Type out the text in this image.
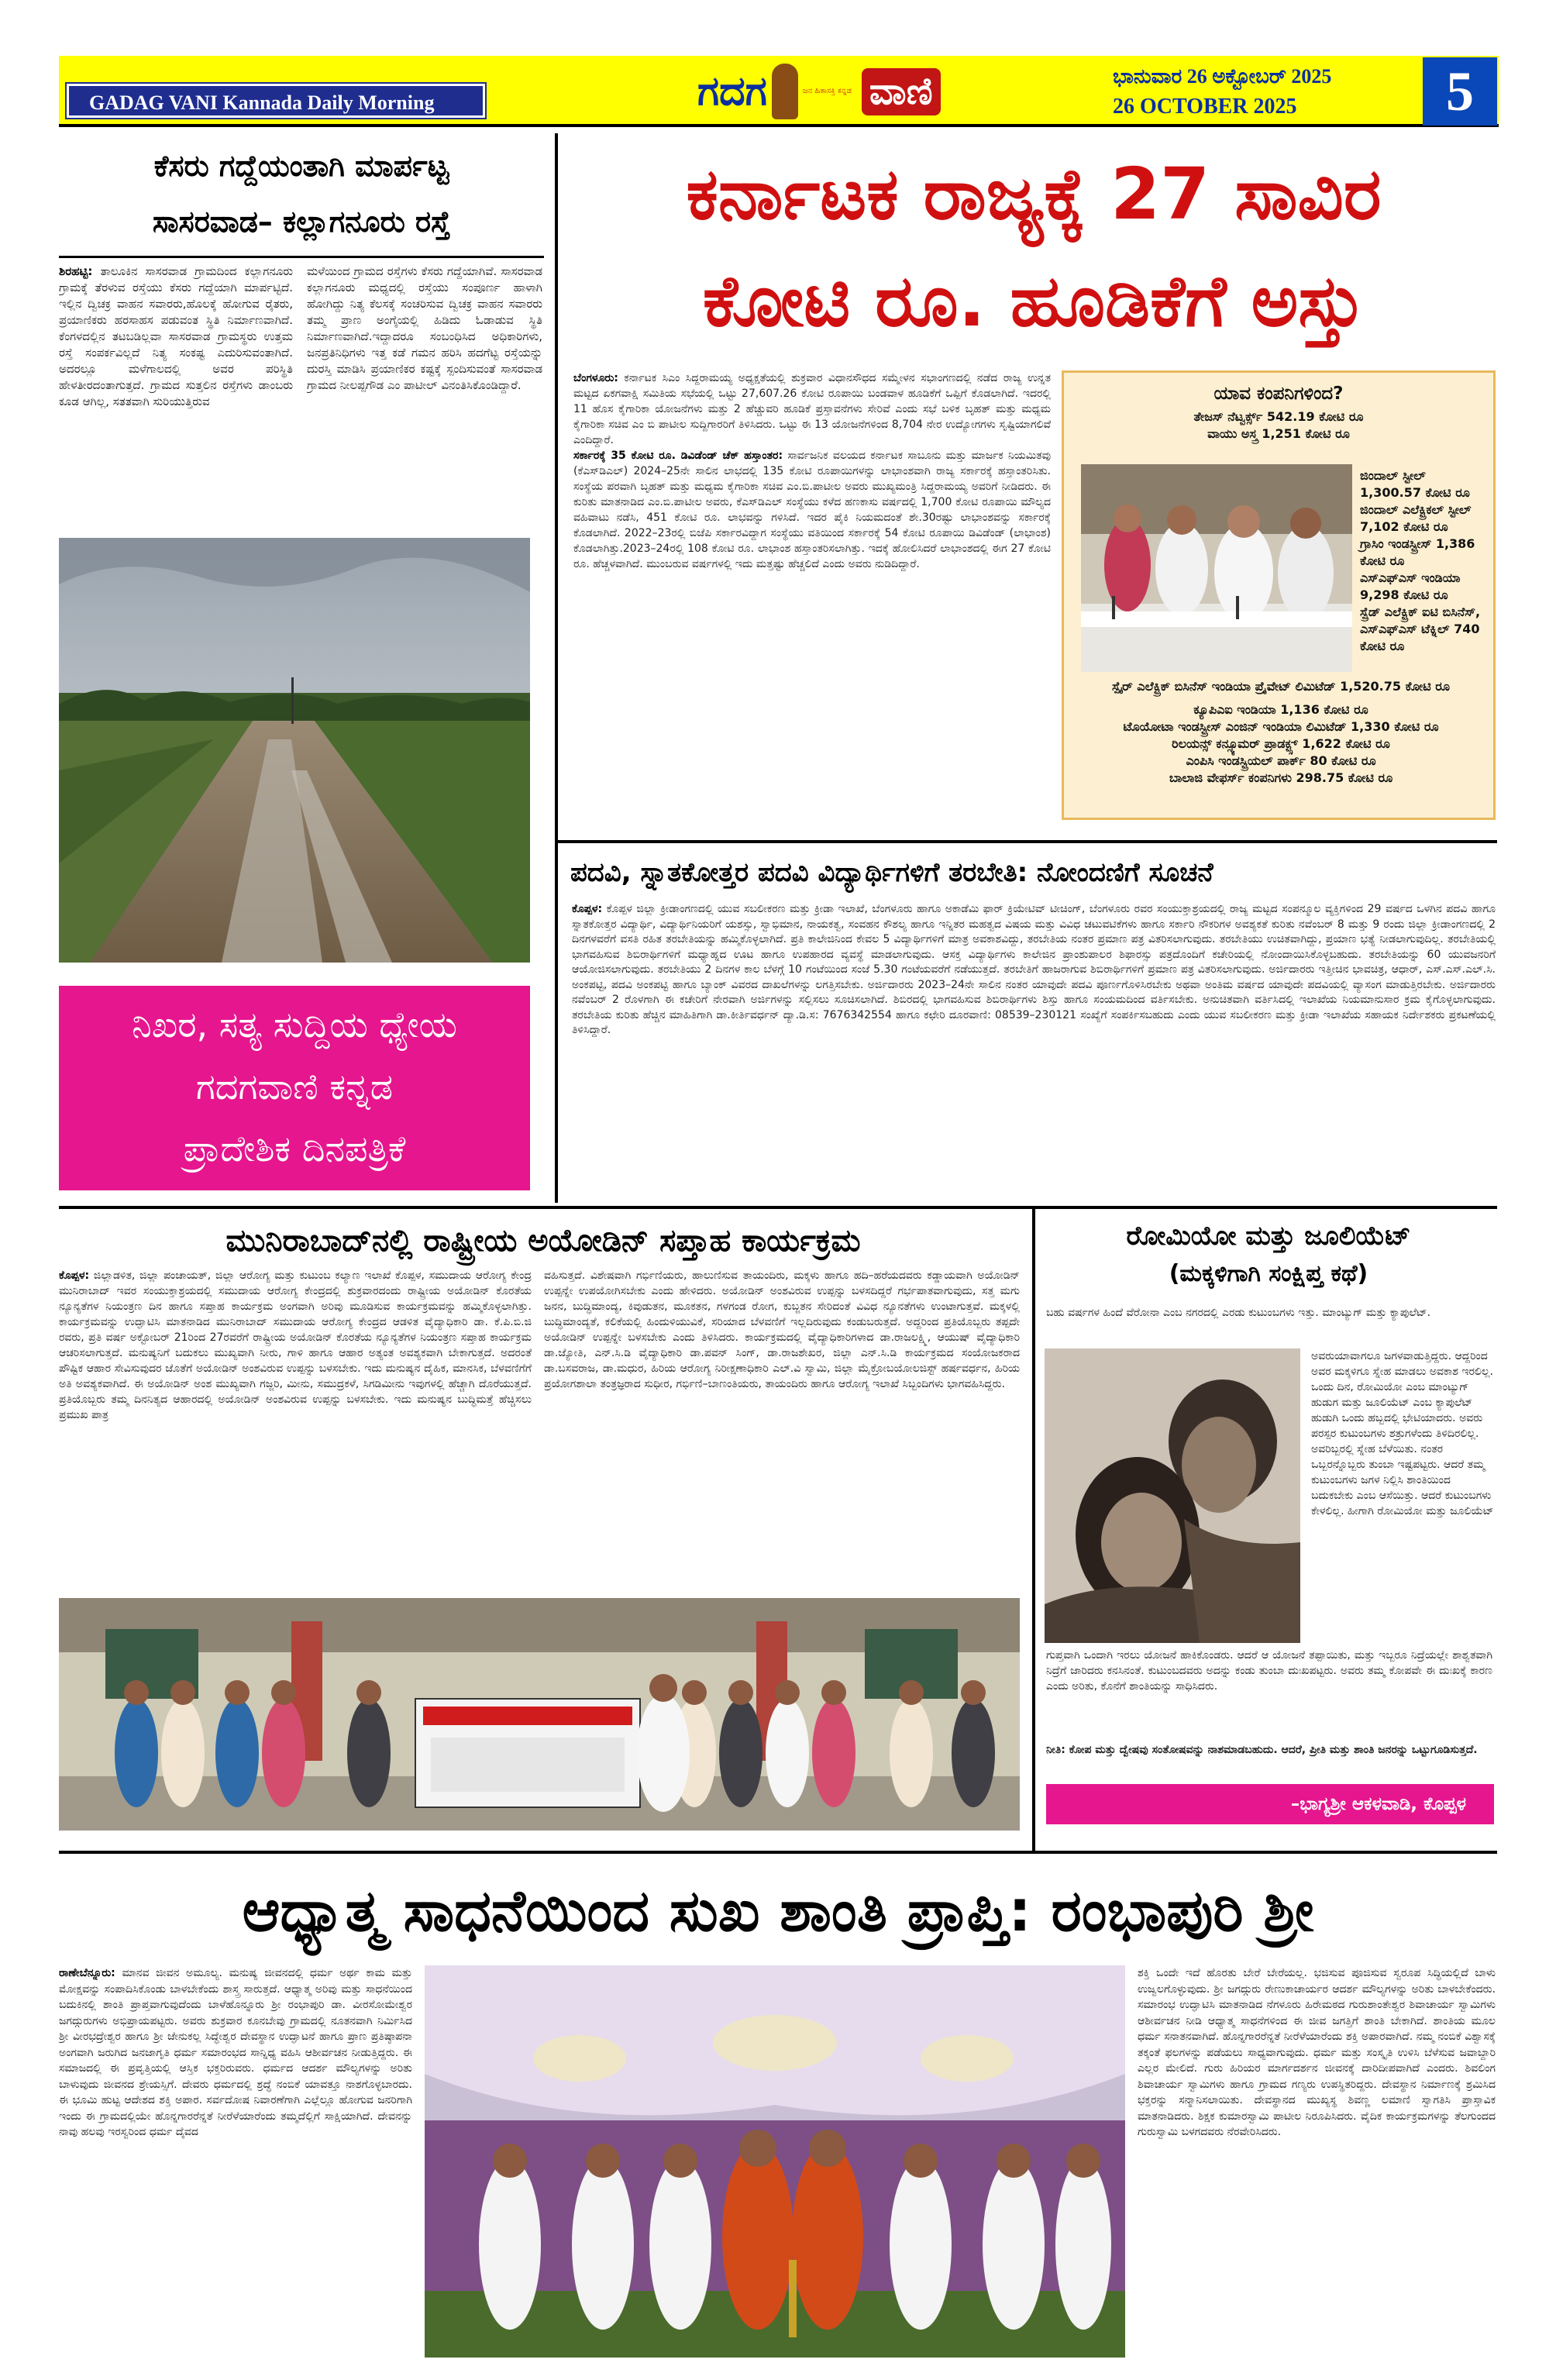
GADAG VANI Kannada Daily Morning	ಗದಗ	ಜನ ಹಿತಾಸಕ್ತಿ ಕನ್ನಡ ವಾಣಿ	ಭಾನುವಾರ 26 ಅಕ್ಟೋಬರ್ 2025
26 OCTOBER 2025	5
ಕೆಸರು ಗದ್ದೆಯಂತಾಗಿ ಮಾರ್ಪಟ್ಟ
ಸಾಸರವಾಡ– ಕಲ್ಲಾಗನೂರು ರಸ್ತೆ
ಶಿರಹಟ್ಟಿ: ತಾಲೂಕಿನ ಸಾಸರವಾಡ ಗ್ರಾಮದಿಂದ ಕಲ್ಲಾಗನೂರು ಗ್ರಾಮಕ್ಕೆ ತೆರಳುವ ರಸ್ತೆಯು ಕೆಸರು ಗದ್ದೆಯಾಗಿ ಮಾರ್ಪಟ್ಟಿದೆ. ಇಲ್ಲಿನ ದ್ವಿಚಕ್ರ ವಾಹನ ಸವಾರರು,ಹೊಲಕ್ಕೆ ಹೋಗುವ ರೈತರು, ಪ್ರಯಾಣಿಕರು ಹರಸಾಹಸ ಪಡುವಂತ ಸ್ಥಿತಿ ನಿರ್ಮಾಣವಾಗಿದೆ. ಕೆಂಗಳದಲ್ಲಿನ ತಟಬಡಿಲ್ಲವಾ ಸಾಸರವಾಡ ಗ್ರಾಮಸ್ಥರು ಉತ್ತಮ ರಸ್ತೆ ಸಂಪರ್ಕವಿಲ್ಲದೆ ನಿತ್ಯ ಸಂಕಷ್ಟ ಎದುರಿಸುವಂತಾಗಿದೆ. ಅದರಲ್ಲೂ ಮಳೆಗಾಲದಲ್ಲಿ ಅವರ ಪರಿಸ್ಥಿತಿ ಹೇಳತೀರದಂತಾಗುತ್ತದೆ. ಗ್ರಾಮದ ಸುತ್ತಲಿನ ರಸ್ತೆಗಳು ಡಾಂಬರು ಕೂಡ ಆಗಿಲ್ಲ, ಸತತವಾಗಿ ಸುರಿಯುತ್ತಿರುವ
ಮಳೆಯಿಂದ ಗ್ರಾಮದ ರಸ್ತೆಗಳು ಕೆಸರು ಗದ್ದೆಯಾಗಿವೆ. ಸಾಸರವಾಡ ಕಲ್ಲಾಗನೂರು ಮಧ್ಯದಲ್ಲಿ ರಸ್ತೆಯು ಸಂಪೂರ್ಣ ಹಾಳಾಗಿ ಹೋಗಿದ್ದು ನಿತ್ಯ ಕೆಲಸಕ್ಕೆ ಸಂಚರಿಸುವ ದ್ವಿಚಕ್ರ ವಾಹನ ಸವಾರರು ತಮ್ಮ ಪ್ರಾಣ ಅಂಗೈಯಲ್ಲಿ ಹಿಡಿದು ಓಡಾಡುವ ಸ್ಥಿತಿ ನಿರ್ಮಾಣವಾಗಿದೆ.ಇದ್ದಾದರೂ ಸಂಬಂಧಿಸಿದ ಅಧಿಕಾರಿಗಳು, ಜನಪ್ರತಿನಿಧಿಗಳು ಇತ್ತ ಕಡೆ ಗಮನ ಹರಿಸಿ ಹದಗೆಟ್ಟ ರಸ್ತೆಯನ್ನು ದುರಸ್ತಿ ಮಾಡಿಸಿ ಪ್ರಯಾಣಿಕರ ಕಷ್ಟಕ್ಕೆ ಸ್ಪಂದಿಸುವಂತೆ ಸಾಸರವಾಡ ಗ್ರಾಮದ ನೀಲಪ್ಪಗೌಡ ಎಂ ಪಾಟೀಲ್ ವಿನಂತಿಸಿಕೊಂಡಿದ್ದಾರೆ.
ನಿಖರ, ಸತ್ಯ ಸುದ್ದಿಯ ಧ್ಯೇಯ
ಗದಗವಾಣಿ ಕನ್ನಡ
ಪ್ರಾದೇಶಿಕ ದಿನಪತ್ರಿಕೆ
ಕರ್ನಾಟಕ ರಾಜ್ಯಕ್ಕೆ 27 ಸಾವಿರ
ಕೋಟಿ ರೂ. ಹೂಡಿಕೆಗೆ ಅಸ್ತು
ಬೆಂಗಳೂರು: ಕರ್ನಾಟಕ ಸಿಎಂ ಸಿದ್ದರಾಮಯ್ಯ ಅಧ್ಯಕ್ಷತೆಯಲ್ಲಿ ಶುಕ್ರವಾರ ವಿಧಾನಸೌಧದ ಸಮ್ಮೇಳನ ಸಭಾಂಗಣದಲ್ಲಿ ನಡೆದ ರಾಜ್ಯ ಉನ್ನತ ಮಟ್ಟದ ಏಕಗವಾಕ್ಷಿ ಸಮಿತಿಯ ಸಭೆಯಲ್ಲಿ ಒಟ್ಟು 27,607.26 ಕೋಟಿ ರೂಪಾಯಿ ಬಂಡವಾಳ ಹೂಡಿಕೆಗೆ ಒಪ್ಪಿಗೆ ಕೊಡಲಾಗಿದೆ. ಇದರಲ್ಲಿ 11 ಹೊಸ ಕೈಗಾರಿಕಾ ಯೋಜನೆಗಳು ಮತ್ತು 2 ಹೆಚ್ಚುವರಿ ಹೂಡಿಕೆ ಪ್ರಸ್ತಾವನೆಗಳು ಸೇರಿವೆ ಎಂದು ಸಭೆ ಬಳಿಕ ಬೃಹತ್ ಮತ್ತು ಮಧ್ಯಮ ಕೈಗಾರಿಕಾ ಸಚಿವ ಎಂ ಬಿ ಪಾಟೀಲ ಸುದ್ದಿಗಾರರಿಗೆ ತಿಳಿಸಿದರು. ಒಟ್ಟು ಈ 13 ಯೋಜನೆಗಳಿಂದ 8,704 ನೇರ ಉದ್ಯೋಗಗಳು ಸೃಷ್ಟಿಯಾಗಲಿವೆ ಎಂದಿದ್ದಾರೆ.
ಸರ್ಕಾರಕ್ಕೆ 35 ಕೋಟಿ ರೂ. ಡಿವಿಡೆಂಡ್ ಚೆಕ್ ಹಸ್ತಾಂತರ: ಸಾರ್ವಜನಿಕ ವಲಯದ ಕರ್ನಾಟಕ ಸಾಬೂನು ಮತ್ತು ಮಾರ್ಜಕ ನಿಯಮಿತವು (ಕೆಎಸ್‌ಡಿಎಲ್) 2024–25ನೇ ಸಾಲಿನ ಲಾಭದಲ್ಲಿ 135 ಕೋಟಿ ರೂಪಾಯಿಗಳನ್ನು ಲಾಭಾಂಶವಾಗಿ ರಾಜ್ಯ ಸರ್ಕಾರಕ್ಕೆ ಹಸ್ತಾಂತರಿಸಿತು. ಸಂಸ್ಥೆಯ ಪರವಾಗಿ ಬೃಹತ್ ಮತ್ತು ಮಧ್ಯಮ ಕೈಗಾರಿಕಾ ಸಚಿವ ಎಂ.ಬಿ.ಪಾಟೀಲ ಅವರು ಮುಖ್ಯಮಂತ್ರಿ ಸಿದ್ದರಾಮಯ್ಯ ಅವರಿಗೆ ನೀಡಿದರು. ಈ ಕುರಿತು ಮಾತನಾಡಿದ ಎಂ.ಬಿ.ಪಾಟೀಲ ಅವರು, ಕೆಎಸ್‌ಡಿಎಲ್ ಸಂಸ್ಥೆಯು ಕಳೆದ ಹಣಕಾಸು ವರ್ಷದಲ್ಲಿ 1,700 ಕೋಟಿ ರೂಪಾಯಿ ಮೌಲ್ಯದ ವಹಿವಾಟು ನಡೆಸಿ, 451 ಕೋಟಿ ರೂ. ಲಾಭವನ್ನು ಗಳಿಸಿದೆ. ಇದರ ಪೈಕಿ ನಿಯಮದಂತೆ ಶೇ.30ರಷ್ಟು ಲಾಭಾಂಶವನ್ನು ಸರ್ಕಾರಕ್ಕೆ ಕೊಡಲಾಗಿದೆ. 2022–23ರಲ್ಲಿ ಬಿಜೆಪಿ ಸರ್ಕಾರವಿದ್ದಾಗ ಸಂಸ್ಥೆಯು ವತಿಯಿಂದ ಸರ್ಕಾರಕ್ಕೆ 54 ಕೋಟಿ ರೂಪಾಯಿ ಡಿವಿಡೆಂಡ್ (ಲಾಭಾಂಶ) ಕೊಡಲಾಗಿತ್ತು.2023–24ರಲ್ಲಿ 108 ಕೋಟಿ ರೂ. ಲಾಭಾಂಶ ಹಸ್ತಾಂತರಿಸಲಾಗಿತ್ತು. ಇದಕ್ಕೆ ಹೋಲಿಸಿದರೆ ಲಾಭಾಂಶದಲ್ಲಿ ಈಗ 27 ಕೋಟಿ ರೂ. ಹೆಚ್ಚಳವಾಗಿದೆ. ಮುಂಬರುವ ವರ್ಷಗಳಲ್ಲಿ ಇದು ಮತ್ತಷ್ಟು ಹೆಚ್ಚಲಿದೆ ಎಂದು ಅವರು ನುಡಿದಿದ್ದಾರೆ.
ಯಾವ ಕಂಪನಿಗಳಿಂದ?
ತೇಜಸ್ ನೆಟ್ವರ್ಕ್ಸ್ 542.19 ಕೋಟಿ ರೂ
ವಾಯು ಅಸ್ತ್ರ 1,251 ಕೋಟಿ ರೂ
ಜಿಂದಾಲ್ ಸ್ಟೀಲ್ 1,300.57 ಕೋಟಿ ರೂ
ಜಿಂದಾಲ್ ಎಲೆಕ್ಟ್ರಿಕಲ್ ಸ್ಟೀಲ್ 7,102 ಕೋಟಿ ರೂ
ಗ್ರಾಸಿಂ ಇಂಡಸ್ಟ್ರೀಸ್ 1,386 ಕೋಟಿ ರೂ
ಎಸ್‌ಎಫ್‌ಎಸ್ ಇಂಡಿಯಾ 9,298 ಕೋಟಿ ರೂ
ಸ್ಪ್ರೆಡ್ ಎಲೆಕ್ಟ್ರಿಕ್ ಐಟಿ ಬಿಸಿನೆಸ್, ಎಸ್‌ಎಫ್‌ಎಸ್ ಟೆಕ್ನಿಲ್ 740 ಕೋಟಿ ರೂ
ಸ್ಪೈರ್ ಎಲೆಕ್ಟ್ರಿಕ್ ಬಿಸಿನೆಸ್ ಇಂಡಿಯಾ ಪ್ರೈವೇಟ್ ಲಿಮಿಟೆಡ್ 1,520.75 ಕೋಟಿ ರೂ
ಕ್ಯೂಪಿಎಐ ಇಂಡಿಯಾ 1,136 ಕೋಟಿ ರೂ
ಟೊಯೋಟಾ ಇಂಡಸ್ಟ್ರೀಸ್ ಎಂಜಿನ್ ಇಂಡಿಯಾ ಲಿಮಿಟೆಡ್ 1,330 ಕೋಟಿ ರೂ
ರಿಲಯನ್ಸ್ ಕನ್ಸ್ಯೂಮರ್ ಪ್ರಾಡಕ್ಟ್ಸ್ 1,622 ಕೋಟಿ ರೂ
ಎಂಪಿಸಿ ಇಂಡಸ್ಟ್ರಿಯಲ್ ಪಾರ್ಕ್ 80 ಕೋಟಿ ರೂ
ಬಾಲಾಜಿ ವೇಫರ್ಸ್ ಕಂಪನಿಗಳು 298.75 ಕೋಟಿ ರೂ
ಪದವಿ, ಸ್ನಾತಕೋತ್ತರ ಪದವಿ ವಿದ್ಯಾರ್ಥಿಗಳಿಗೆ ತರಬೇತಿ: ನೋಂದಣಿಗೆ ಸೂಚನೆ
ಕೊಪ್ಪಳ: ಕೊಪ್ಪಳ ಜಿಲ್ಲಾ ಕ್ರೀಡಾಂಗಣದಲ್ಲಿ ಯುವ ಸಬಲೀಕರಣ ಮತ್ತು ಕ್ರೀಡಾ ಇಲಾಖೆ, ಬೆಂಗಳೂರು ಹಾಗೂ ಅಕಾಡೆಮಿ ಫಾರ್ ಕ್ರಿಯೇಟಿವ್ ಟೀಚಿಂಗ್, ಬೆಂಗಳೂರು ರವರ ಸಂಯುಕ್ತಾಶ್ರಯದಲ್ಲಿ ರಾಜ್ಯ ಮಟ್ಟದ ಸಂಪನ್ಮೂಲ ವ್ಯಕ್ತಿಗಳಿಂದ 29 ವರ್ಷದ ಒಳಗಿನ ಪದವಿ ಹಾಗೂ ಸ್ನಾತಕೋತ್ತರ ವಿದ್ಯಾರ್ಥಿ, ವಿದ್ಯಾರ್ಥಿನಿಯರಿಗೆ ಯಶಸ್ಸು, ಸ್ವಾಭಿಮಾನ, ನಾಯಕತ್ವ, ಸಂವಹನ ಕೌಶಲ್ಯ ಹಾಗೂ ಇನ್ನಿತರ ಮಹತ್ವದ ವಿಷಯ ಮತ್ತು ವಿವಿಧ ಚಟುವಟಿಕೆಗಳು ಹಾಗೂ ಸರ್ಕಾರಿ ನೌಕರಿಗಳ ಅವಶ್ಯಕತೆ ಕುರಿತು ನವೆಂಬರ್ 8 ಮತ್ತು 9 ರಂದು ಜಿಲ್ಲಾ ಕ್ರೀಡಾಂಗಣದಲ್ಲಿ 2 ದಿನಗಳವರೆಗೆ ವಸತಿ ರಹಿತ ತರಬೇತಿಯನ್ನು ಹಮ್ಮಿಕೊಳ್ಳಲಾಗಿದೆ. ಪ್ರತಿ ಕಾಲೇಜಿನಿಂದ ಕೇವಲ 5 ವಿದ್ಯಾರ್ಥಿಗಳಿಗೆ ಮಾತ್ರ ಅವಕಾಶವಿದ್ದು, ತರಬೇತಿಯ ನಂತರ ಪ್ರಮಾಣ ಪತ್ರ ವಿತರಿಸಲಾಗುವುದು. ತರಬೇತಿಯು ಉಚಿತವಾಗಿದ್ದು, ಪ್ರಯಾಣ ಭತ್ಯೆ ನೀಡಲಾಗುವುದಿಲ್ಲ. ತರಬೇತಿಯಲ್ಲಿ ಭಾಗವಹಿಸುವ ಶಿಬಿರಾರ್ಥಿಗಳಿಗೆ ಮಧ್ಯಾಹ್ನದ ಊಟ ಹಾಗೂ ಉಪಹಾರದ ವ್ಯವಸ್ಥೆ ಮಾಡಲಾಗುವುದು. ಆಸಕ್ತ ವಿದ್ಯಾರ್ಥಿಗಳು ಕಾಲೇಜಿನ ಪ್ರಾಂಶುಪಾಲರ ಶಿಫಾರಸ್ಸು ಪತ್ರದೊಂದಿಗೆ ಕಚೇರಿಯಲ್ಲಿ ನೋಂದಾಯಿಸಿಕೊಳ್ಳಬಹುದು. ತರಬೇತಿಯನ್ನು 60 ಯುವಜನರಿಗೆ ಆಯೋಜಿಸಲಾಗುವುದು. ತರಬೇತಿಯು 2 ದಿನಗಳ ಕಾಲ ಬೆಳಗ್ಗೆ 10 ಗಂಟೆಯಿಂದ ಸಂಜೆ 5.30 ಗಂಟೆಯವರೆಗೆ ನಡೆಯುತ್ತದೆ. ತರಬೇತಿಗೆ ಹಾಜರಾಗುವ ಶಿಬಿರಾರ್ಥಿಗಳಿಗೆ ಪ್ರಮಾಣ ಪತ್ರ ವಿತರಿಸಲಾಗುವುದು. ಅರ್ಜಿದಾರರು ಇತ್ತೀಚಿನ ಭಾವಚಿತ್ರ, ಆಧಾರ್, ಎಸ್.ಎಸ್.ಎಲ್.ಸಿ. ಅಂಕಪಟ್ಟಿ, ಪದವಿ ಅಂಕಪಟ್ಟಿ ಹಾಗೂ ಬ್ಯಾಂಕ್ ವಿವರದ ದಾಖಲೆಗಳನ್ನು ಲಗತ್ತಿಸಬೇಕು. ಅರ್ಜಿದಾರರು 2023–24ನೇ ಸಾಲಿನ ನಂತರ ಯಾವುದೇ ಪದವಿ ಪೂರ್ಣಗೊಳಿಸಿರಬೇಕು ಅಥವಾ ಅಂತಿಮ ವರ್ಷದ ಯಾವುದೇ ಪದವಿಯಲ್ಲಿ ವ್ಯಾಸಂಗ ಮಾಡುತ್ತಿರಬೇಕು. ಅರ್ಜಿದಾರರು ನವೆಂಬರ್ 2 ರೊಳಗಾಗಿ ಈ ಕಚೇರಿಗೆ ನೇರವಾಗಿ ಅರ್ಜಿಗಳನ್ನು ಸಲ್ಲಿಸಲು ಸೂಚಿಸಲಾಗಿದೆ. ಶಿಬಿರದಲ್ಲಿ ಭಾಗವಹಿಸುವ ಶಿಬಿರಾರ್ಥಿಗಳು ಶಿಸ್ತು ಹಾಗೂ ಸಂಯಮದಿಂದ ವರ್ತಿಸಬೇಕು. ಅನುಚಿತವಾಗಿ ವರ್ತಿಸಿದಲ್ಲಿ ಇಲಾಖೆಯ ನಿಯಮಾನುಸಾರ ಕ್ರಮ ಕೈಗೊಳ್ಳಲಾಗುವುದು. ತರಬೇತಿಯ ಕುರಿತು ಹೆಚ್ಚಿನ ಮಾಹಿತಿಗಾಗಿ ಡಾ.ಕೀರ್ತಿವರ್ಧನ್ ದ್ಯಾ.ಡಿ.ಸ: 7676342554 ಹಾಗೂ ಕಛೇರಿ ದೂರವಾಣಿ: 08539–230121 ಸಂಖ್ಯೆಗೆ ಸಂಪರ್ಕಿಸಬಹುದು ಎಂದು ಯುವ ಸಬಲೀಕರಣ ಮತ್ತು ಕ್ರೀಡಾ ಇಲಾಖೆಯ ಸಹಾಯಕ ನಿರ್ದೇಶಕರು ಪ್ರಕಟಣೆಯಲ್ಲಿ ತಿಳಿಸಿದ್ದಾರೆ.
ಮುನಿರಾಬಾದ್‌ನಲ್ಲಿ ರಾಷ್ಟ್ರೀಯ ಅಯೋಡಿನ್ ಸಪ್ತಾಹ ಕಾರ್ಯಕ್ರಮ
ಕೊಪ್ಪಳ: ಜಿಲ್ಲಾಡಳಿತ, ಜಿಲ್ಲಾ ಪಂಚಾಯತ್, ಜಿಲ್ಲಾ ಆರೋಗ್ಯ ಮತ್ತು ಕುಟುಂಬ ಕಲ್ಯಾಣ ಇಲಾಖೆ ಕೊಪ್ಪಳ, ಸಮುದಾಯ ಆರೋಗ್ಯ ಕೇಂದ್ರ ಮುನಿರಾಬಾದ್ ಇವರ ಸಂಯುಕ್ತಾಶ್ರಯದಲ್ಲಿ ಸಮುದಾಯ ಆರೋಗ್ಯ ಕೇಂದ್ರದಲ್ಲಿ ಶುಕ್ರವಾರದಂದು ರಾಷ್ಟ್ರೀಯ ಅಯೋಡಿನ್ ಕೊರತೆಯ ನ್ಯೂನ್ಯತೆಗಳ ನಿಯಂತ್ರಣ ದಿನ ಹಾಗೂ ಸಪ್ತಾಹ ಕಾರ್ಯಕ್ರಮ ಅಂಗವಾಗಿ ಅರಿವು ಮೂಡಿಸುವ ಕಾರ್ಯಕ್ರಮವನ್ನು ಹಮ್ಮಿಕೊಳ್ಳಲಾಗಿತ್ತು. ಕಾರ್ಯಕ್ರಮವನ್ನು ಉದ್ಘಾಟಿಸಿ ಮಾತನಾಡಿದ ಮುನಿರಾಬಾದ್ ಸಮುದಾಯ ಆರೋಗ್ಯ ಕೇಂದ್ರದ ಆಡಳಿತ ವೈದ್ಯಾಧಿಕಾರಿ ಡಾ. ಕೆ.ಪಿ.ಬಿ.ಜಿ ರವರು, ಪ್ರತಿ ವರ್ಷ ಅಕ್ಟೋಬರ್ 21ರಿಂದ 27ರವರೆಗೆ ರಾಷ್ಟ್ರೀಯ ಅಯೋಡಿನ್ ಕೊರತೆಯ ನ್ಯೂನ್ಯತೆಗಳ ನಿಯಂತ್ರಣ ಸಪ್ತಾಹ ಕಾರ್ಯಕ್ರಮ ಆಚರಿಸಲಾಗುತ್ತದೆ. ಮನುಷ್ಯನಿಗೆ ಬದುಕಲು ಮುಖ್ಯವಾಗಿ ನೀರು, ಗಾಳಿ ಹಾಗೂ ಆಹಾರ ಅತ್ಯಂತ ಅವಶ್ಯಕವಾಗಿ ಬೇಕಾಗುತ್ತದೆ. ಅದರಂತೆ ಪೌಷ್ಟಿಕ ಆಹಾರ ಸೇವಿಸುವುದರ ಜೊತೆಗೆ ಅಯೋಡಿನ್ ಅಂಶವಿರುವ ಉಪ್ಪನ್ನು ಬಳಸಬೇಕು. ಇದು ಮನುಷ್ಯನ ದೈಹಿಕ, ಮಾನಸಿಕ, ಬೆಳವಣಿಗೆಗೆ ಅತಿ ಅವಶ್ಯಕವಾಗಿದೆ. ಈ ಅಯೋಡಿನ್ ಅಂಶ ಮುಖ್ಯವಾಗಿ ಗಜ್ಜರಿ, ಮೀನು, ಸಮುದ್ರಕಳೆ, ಸಿಗಡಿಮೀನು ಇವುಗಳಲ್ಲಿ ಹೆಚ್ಚಾಗಿ ದೊರೆಯುತ್ತದೆ. ಪ್ರತಿಯೊಬ್ಬರು ತಮ್ಮ ದಿನನಿತ್ಯದ ಆಹಾರದಲ್ಲಿ ಅಯೋಡಿನ್ ಅಂಶವಿರುವ ಉಪ್ಪನ್ನು ಬಳಸಬೇಕು. ಇದು ಮನುಷ್ಯನ ಬುದ್ಧಿಮತ್ತೆ ಹೆಚ್ಚಿಸಲು ಪ್ರಮುಖ ಪಾತ್ರ
ವಹಿಸುತ್ತದೆ. ವಿಶೇಷವಾಗಿ ಗರ್ಭಿಣಿಯರು, ಹಾಲುಣಿಸುವ ತಾಯಂದಿರು, ಮಕ್ಕಳು ಹಾಗೂ ಹದಿ–ಹರೆಯದವರು ಕಡ್ಡಾಯವಾಗಿ ಅಯೋಡಿನ್ ಉಪ್ಪನ್ನೇ ಉಪಯೋಗಿಸಬೇಕು ಎಂದು ಹೇಳಿದರು. ಅಯೋಡಿನ್ ಅಂಶವಿರುವ ಉಪ್ಪನ್ನು ಬಳಸದಿದ್ದರೆ ಗರ್ಭಪಾತವಾಗುವುದು, ಸತ್ತ ಮಗು ಜನನ, ಬುದ್ಧಿಮಾಂದ್ಯ, ಕಿವುಡುತನ, ಮೂಕತನ, ಗಳಗಂಡ ರೋಗ, ಕುಬ್ಜತನ ಸೇರಿದಂತೆ ವಿವಿಧ ನ್ಯೂನತೆಗಳು ಉಂಟಾಗುತ್ತವೆ. ಮಕ್ಕಳಲ್ಲಿ ಬುದ್ಧಿಮಾಂದ್ಯತೆ, ಕಲಿಕೆಯಲ್ಲಿ ಹಿಂದುಳಿಯುವಿಕೆ, ಸರಿಯಾದ ಬೆಳವಣಿಗೆ ಇಲ್ಲದಿರುವುದು ಕಂಡುಬರುತ್ತದೆ. ಅದ್ದರಿಂದ ಪ್ರತಿಯೊಬ್ಬರು ತಪ್ಪದೇ ಅಯೋಡಿನ್ ಉಪ್ಪನ್ನೇ ಬಳಸಬೇಕು ಎಂದು ತಿಳಿಸಿದರು. ಕಾರ್ಯಕ್ರಮದಲ್ಲಿ ವೈದ್ಯಾಧಿಕಾರಿಗಳಾದ ಡಾ.ರಾಜಲಕ್ಷ್ಮಿ, ಆಯುಷ್ ವೈದ್ಯಾಧಿಕಾರಿ ಡಾ.ಜ್ಯೋತಿ, ಎನ್.ಸಿ.ಡಿ ವೈದ್ಯಾಧಿಕಾರಿ ಡಾ.ಪವನ್ ಸಿಂಗ್, ಡಾ.ರಾಜಶೇಖರ, ಜಿಲ್ಲಾ ಎನ್.ಸಿ.ಡಿ ಕಾರ್ಯಕ್ರಮದ ಸಂಯೋಜಕರಾದ ಡಾ.ಬಸವರಾಜ, ಡಾ.ಮಧುರ, ಹಿರಿಯ ಆರೋಗ್ಯ ನಿರೀಕ್ಷಣಾಧಿಕಾರಿ ಎಲ್.ವಿ ಸ್ವಾಮಿ, ಜಿಲ್ಲಾ ಮೈಕ್ರೋಬಯೋಲಜಿಸ್ಟ್ ಹರ್ಷವರ್ಧನ, ಹಿರಿಯ ಪ್ರಯೋಗಶಾಲಾ ತಂತ್ರಜ್ಞರಾದ ಸುಧೀರ, ಗರ್ಭಿಣಿ–ಬಾಣಂತಿಯರು, ತಾಯಂದಿರು ಹಾಗೂ ಆರೋಗ್ಯ ಇಲಾಖೆ ಸಿಬ್ಬಂದಿಗಳು ಭಾಗವಹಿಸಿದ್ದರು.
ರೋಮಿಯೋ ಮತ್ತು ಜೂಲಿಯೆಟ್
(ಮಕ್ಕಳಿಗಾಗಿ ಸಂಕ್ಷಿಪ್ತ ಕಥೆ)
ಬಹು ವರ್ಷಗಳ ಹಿಂದೆ ವೆರೋನಾ ಎಂಬ ನಗರದಲ್ಲಿ ಎರಡು ಕುಟುಂಬಗಳು ಇತ್ತು. ಮಾಂಟ್ಯುಗ್ ಮತ್ತು ಕ್ಯಾಪುಲೆಟ್.
ಅವರುಯಾವಾಗಲೂ ಜಗಳವಾಡುತ್ತಿದ್ದರು. ಆದ್ದರಿಂದ ಅವರ ಮಕ್ಕಳಿಗೂ ಸ್ನೇಹ ಮಾಡಲು ಅವಕಾಶ ಇರಲಿಲ್ಲ. ಒಂದು ದಿನ, ರೋಮಿಯೋ ಎಂಬ ಮಾಂಟ್ಯುಗ್ ಹುಡುಗ ಮತ್ತು ಜೂಲಿಯೆಟ್ ಎಂಬ ಕ್ಯಾಪುಲೆಟ್ ಹುಡುಗಿ ಒಂದು ಹಬ್ಬದಲ್ಲಿ ಭೇಟಿಯಾದರು. ಅವರು ಪರಸ್ಪರ ಕುಟುಂಬಗಳು ಶತ್ರುಗಳೆಂದು ತಿಳಿದಿರಲಿಲ್ಲ. ಅವರಿಬ್ಬರಲ್ಲಿ ಸ್ನೇಹ ಬೆಳೆಯಿತು. ನಂತರ ಒಬ್ಬರನ್ನೊಬ್ಬರು ತುಂಬಾ ಇಷ್ಟಪಟ್ಟರು. ಆದರೆ ತಮ್ಮ ಕುಟುಂಬಗಳು ಜಗಳ ನಿಲ್ಲಿಸಿ ಶಾಂತಿಯಿಂದ ಬದುಕಬೇಕು ಎಂಬ ಆಸೆಯಿತ್ತು. ಆದರೆ ಕುಟುಂಬಗಳು ಕೇಳಲಿಲ್ಲ. ಹೀಗಾಗಿ ರೋಮಿಯೋ ಮತ್ತು ಜೂಲಿಯೆಟ್
ಗುಪ್ತವಾಗಿ ಒಂದಾಗಿ ಇರಲು ಯೋಜನೆ ಹಾಕಿಕೊಂಡರು. ಆದರೆ ಆ ಯೋಜನೆ ತಪ್ಪಾಯಿತು, ಮತ್ತು ಇಬ್ಬರೂ ನಿದ್ರೆಯಲ್ಲೇ ಶಾಶ್ವತವಾಗಿ ನಿದ್ರೆಗೆ ಜಾರಿದರು ಕನಸಿನಂತೆ. ಕುಟುಂಬದವರು ಅದನ್ನು ಕಂಡು ತುಂಬಾ ದುಃಖಪಟ್ಟರು. ಅವರು ತಮ್ಮ ಕೋಪವೇ ಈ ದುಃಖಕ್ಕೆ ಕಾರಣ ಎಂದು ಅರಿತು, ಕೊನೆಗೆ ಶಾಂತಿಯನ್ನು ಸಾಧಿಸಿದರು.
ನೀತಿ: ಕೋಪ ಮತ್ತು ದ್ವೇಷವು ಸಂತೋಷವನ್ನು ನಾಶಮಾಡಬಹುದು. ಆದರೆ, ಪ್ರೀತಿ ಮತ್ತು ಶಾಂತಿ ಜನರನ್ನು ಒಟ್ಟುಗೂಡಿಸುತ್ತದೆ.
–ಭಾಗ್ಯಶ್ರೀ ಆಕಳವಾಡಿ, ಕೊಪ್ಪಳ
ಆಧ್ಯಾತ್ಮ ಸಾಧನೆಯಿಂದ ಸುಖ ಶಾಂತಿ ಪ್ರಾಪ್ತಿ: ರಂಭಾಪುರಿ ಶ್ರೀ
ರಾಣೇಬೆನ್ನೂರು: ಮಾನವ ಜೀವನ ಅಮೂಲ್ಯ. ಮನುಷ್ಯ ಜೀವನದಲ್ಲಿ ಧರ್ಮ ಅರ್ಥ ಕಾಮ ಮತ್ತು ಮೋಕ್ಷವನ್ನು ಸಂಪಾದಿಸಿಕೊಂಡು ಬಾಳಬೇಕೆಂದು ಶಾಸ್ತ್ರ ಸಾರುತ್ತದೆ. ಆಧ್ಯಾತ್ಮ ಅರಿವು ಮತ್ತು ಸಾಧನೆಯಿಂದ ಬದುಕಿನಲ್ಲಿ ಶಾಂತಿ ಪ್ರಾಪ್ತವಾಗುವುದೆಂದು ಬಾಳೆಹೊನ್ನೂರು ಶ್ರೀ ರಂಭಾಪುರಿ ಡಾ. ವೀರಸೋಮೇಶ್ವರ ಜಗದ್ಗುರುಗಳು ಅಭಿಪ್ರಾಯಪಟ್ಟರು. ಅವರು ಶುಕ್ರವಾರ ಕೂನಬೇವು ಗ್ರಾಮದಲ್ಲಿ ನೂತನವಾಗಿ ನಿರ್ಮಿಸಿದ ಶ್ರೀ ವೀರಭದ್ರೇಶ್ವರ ಹಾಗೂ ಶ್ರೀ ಜೇನುಕಲ್ಲ ಸಿದ್ಧೇಶ್ವರ ದೇವಸ್ಥಾನ ಉದ್ಘಾಟನೆ ಹಾಗೂ ಪ್ರಾಣ ಪ್ರತಿಷ್ಠಾಪನಾ ಅಂಗವಾಗಿ ಜರುಗಿದ ಜನಜಾಗೃತಿ ಧರ್ಮ ಸಮಾರಂಭದ ಸಾನ್ನಿಧ್ಯ ವಹಿಸಿ ಆಶೀರ್ವಚನ ನೀಡುತ್ತಿದ್ದರು. ಈ ಸಮಾಜದಲ್ಲಿ ಈ ಪ್ರವೃತ್ತಿಯಲ್ಲಿ ಆಸ್ತಿಕ ಭಕ್ತರಿರುವರು. ಧರ್ಮದ ಆದರ್ಶ ಮೌಲ್ಯಗಳನ್ನು ಅರಿತು ಬಾಳುವುದು ಜೀವನದ ಶ್ರೇಯಸ್ಸಿಗೆ. ದೇವರು ಧರ್ಮದಲ್ಲಿ ಶ್ರದ್ಧೆ ನಂಬಿಕೆ ಯಾವತ್ತೂ ನಾಶಗೊಳ್ಳಬಾರದು. ಈ ಭೂಮಿ ಹುಟ್ಟ ಆದೇಶದ ಶಕ್ತಿ ಅಪಾರ. ಸರ್ವದೋಷ ನಿವಾರಣೆಗಾಗಿ ಎಲ್ಲೆಲ್ಲೂ ಹೋಗುವ ಜನರಿಗಾಗಿ ಇಂದು ಈ ಗ್ರಾಮದಲ್ಲಿಯೇ ಹೊನ್ನಗಾರರೆನ್ನತೆ ನೀರೆಳೆಯಾರೆಂದು ತಮ್ಮದೆಲ್ಲಿಗೆ ಸಾಕ್ಷಿಯಾಗಿದೆ. ದೇವನನ್ನು ನಾವು ಹಲವು ಇರಸ್ವರಿಂದ ಧರ್ಮ ದೈವದ
ಶಕ್ತಿ ಒಂದೇ ಇದೆ ಹೊರತು ಬೇರೆ ಬೇರೆಯಲ್ಲ. ಭಜಿಸುವ ಪೂಜಿಸುವ ಸ್ವರೂಪ ಸಿದ್ಧಿಯಲ್ಲಿದೆ ಬಾಳು ಉಜ್ವಲಗೊಳ್ಳುವುದು. ಶ್ರೀ ಜಗದ್ಗುರು ರೇಣುಕಾಚಾರ್ಯರ ಆದರ್ಶ ಮೌಲ್ಯಗಳನ್ನು ಅರಿತು ಬಾಳಬೇಕೆಂದರು. ಸಮಾರಂಭ ಉದ್ಘಾಟಿಸಿ ಮಾತನಾಡಿದ ನೆಗಳೂರು ಹಿರೇಮಠದ ಗುರುಶಾಂತೇಶ್ವರ ಶಿವಾಚಾರ್ಯ ಸ್ವಾಮಿಗಳು ಆಶೀರ್ವಚನ ನೀಡಿ ಆಧ್ಯಾತ್ಮ ಸಾಧನೆಗಳಿಂದ ಈ ಜೀವ ಜಗತ್ತಿಗೆ ಶಾಂತಿ ಬೇಕಾಗಿದೆ. ಶಾಂತಿಯ ಮೂಲ ಧರ್ಮ ಸನಾತನವಾಗಿದೆ. ಹೊನ್ನಗಾರರೆನ್ನತೆ ನೀರೆಳೆಯಾರೆಂದು ಶಕ್ತಿ ಅಪಾರವಾಗಿದೆ. ನಮ್ಮ ನಂಬಿಕೆ ವಿಶ್ವಾಸಕ್ಕೆ ತಕ್ಕಂತೆ ಫಲಗಳನ್ನು ಪಡೆಯಲು ಸಾಧ್ಯವಾಗುವುದು. ಧರ್ಮ ಮತ್ತು ಸಂಸ್ಕೃತಿ ಉಳಿಸಿ ಬೆಳೆಸುವ ಜವಾಬ್ದಾರಿ ಎಲ್ಲರ ಮೇಲಿದೆ. ಗುರು ಹಿರಿಯರ ಮಾರ್ಗದರ್ಶನ ಜೀವನಕ್ಕೆ ದಾರಿದೀಪವಾಗಿದೆ ಎಂದರು. ಶಿವಲಿಂಗ ಶಿವಾಚಾರ್ಯ ಸ್ವಾಮಿಗಳು ಹಾಗೂ ಗ್ರಾಮದ ಗಣ್ಯರು ಉಪಸ್ಥಿತರಿದ್ದರು. ದೇವಸ್ಥಾನ ನಿರ್ಮಾಣಕ್ಕೆ ಶ್ರಮಿಸಿದ ಭಕ್ತರನ್ನು ಸನ್ಮಾನಿಸಲಾಯಿತು. ದೇವಸ್ಥಾನದ ಮುಖ್ಯಸ್ಥ ಶಿವಣ್ಣ ಲಮಾಣಿ ಸ್ವಾಗತಿಸಿ ಪ್ರಾಸ್ತಾವಿಕ ಮಾತನಾಡಿದರು. ಶಿಕ್ಷಕ ಕುಮಾರಸ್ವಾಮಿ ಪಾಟೀಲ ನಿರೂಪಿಸಿದರು. ವೈದಿಕ ಕಾರ್ಯಕ್ರಮಗಳನ್ನು ತೆಲಗುಂದದ ಗುರುಸ್ವಾಮಿ ಬಳಗದವರು ನೆರವೇರಿಸಿದರು.
